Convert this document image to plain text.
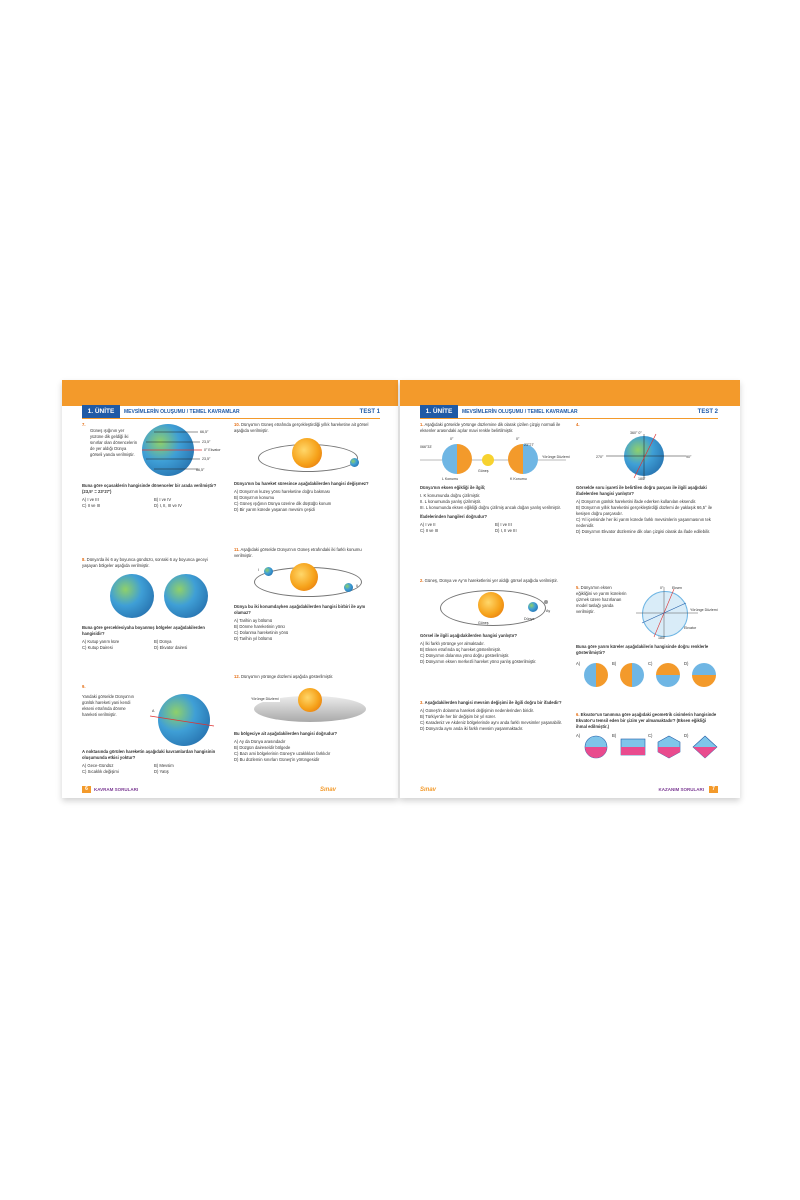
1. ÜNİTE	MEVSİMLERİN OLUŞUMU / TEMEL KAVRAMLAR	TEST 1
7.
Güneş ışığının yer yüzüne dik geldiği iki sınırlar olan dönencelerin de yer aldığı Dünya görseli yanda verilmiştir.
66,5°
23,5°
0° Ekvator
23,5°
66,5°
Buna göre oçasaklerin hangisinde dönenceler bir arada verilmiştir? (23,5° = 23°27')
A) I ve III	B) I ve IV
C) II ve III	D) I, II, III ve IV
8. Dünya'da iki 6 ay boyunca gündüzü, sonraki 6 ay boyunca geceyi yaşayan bölgeler aşağıda verilmiştir.
Buna göre gerceklesiyaha boyanmış bölgeler aşağıdakilerden hangisidir?
A) Kutup yarım küre	B) Dünya
C) Kutup Dairesi	D) Ekvator dairesi
9.
Yandaki görselde Dünya'nın günlük hareketi yani kendi ekseni etrafında dönme hareketi verilmiştir.
A
A noktasında görülen hareketin aşağıdaki kavramlardan hangisinin oluşumunda etkisi yoktur?
A) Gece-Gündüz	B) Mevsim
C) Sıcaklık değişimi	D) Yatış
10. Dünya'nın Güneş etrafında gerçekleştirdiği yıllık hareketine ait görsel aşağıda verilmiştir.
Dünya'nın bu hareket süresince aşağıdakilerden hangisi değişmez?
A) Dünya'nın kuzey yönü hareketine doğru bakması
B) Dünya'nın konumu
C) Güneş ışığının Dünya üzerine dik düştüğü konum
D) Bir yarım kürede yaşanan mevsim çeşidi
11. Aşağıdaki görselde Dünya'nın Güneş etrafındaki iki farklı konumu verilmiştir.
I
II
Dünya bu iki konumdayken aşağıdakilerden hangisi birbiri ile aynı olamaz?
A) Tarihin ay bölümü
B) Dönme hareketinin yönü
C) Dolanma hareketinin yönü
D) Tarihin yıl bölümü
12. Dünya'nın yörünge düzlemi aşağıda gösterilmiştir.
Yörünge Düzlemi
Bu bölgeciye ait aşağıdakilerden hangisi doğrudur?
A) Ay da Dünya arasındadır
B) Düzgün daireseldir bölgede
C) Bazı ami bölgelerinin Güneş'e uzaklıkları farklıdır
D) Bu düzlemin sınırları Güneş'in yörüngesidir
6	KAVRAM SORULARI	Sınav
1. ÜNİTE	MEVSİMLERİN OLUŞUMU / TEMEL KAVRAMLAR	TEST 2
1. Aşağıdaki görselde yörünge düzlemine dik olarak çizilen çizgiy normali ile eksenler arasındaki açılar mavi renkle belirtilmiştir.
0°	0°
066°33'	23°27'
Yörünge Düzlemi
Güneş
L Konumu	K Konumu
Dünya'nın eksen eğikliği ile ilgili;
I. K konumunda doğru çizilmiştir.
II. L konumunda yanlış çizilmiştir.
III. L konumunda eksen eğikliği doğru çizilmiş ancak doğan yanlış verilmiştir.
İfadelerinden hangileri doğrudur?
A) I ve II	B) I ve III
C) II ve III	D) I, II ve III
2. Güneş, Dünya ve Ay'ın hareketlerini yer aldığı görsel aşağıda verilmiştir.
Güneş
Dünya
Ay
Görsel ile ilgili aşağıdakilerden hangisi yanlıştır?
A) İki farklı yörünge yer almaktadır.
B) Eksen etrafında üç hareket gösterilmiştir.
C) Dünya'nın dolanma yönü doğru gösterilmiştir.
D) Dünya'nın eksen merkezli hareket yönü yanlış gösterilmiştir.
3. Aşağıdakilerden hangisi mevsim değişimi ile ilgili doğru bir ifadedir?
A) Güneş'in dolanma hareketi değişimin nedenlerinden biridir.
B) Türkiye'de her bir değişim bir yıl sürer.
C) Karadeniz ve Akdeniz bölgelerinde aynı anda farklı mevsimler yaşanabilir.
D) Dünya'da aynı anda iki farklı mevsim yaşanmaktadır.
4.
360° 0°
270°	90°
180°
Görselde soru işareti ile belirtilen doğru parçası ile ilgili aşağıdaki ifadelerden hangisi yanlıştır?
A) Dünya'nın günlük hareketini ifade ederken kullanılan eksendir.
B) Dünya'nın yıllık hareketini gerçekleştirdiği düzlemi de yaklaşık 66,5° ile kesişen doğru parçasıdır.
C) Yıl içerisinde her iki yarım kürede farklı mevsimlerin yaşanmasının tek nedenidir.
D) Dünya'nın Ekvator düzlemine dik olan çizgisi olarak da ifade edilebilir.
5. Dünya'nın eksen eğikliğini ve yarım kürelerin çizmek üzere hazırlanan model taslağı yanda verilmiştir.
0° Eksen
Yörünge Düzlemi
Ekvator
180°
Buna göre yarım küreler aşağıdakilerin hangisinde doğru renklerle gösterilmiştir?
A)	B)	C)	D)
6. Ekvator'un tanımına göre aşağıdaki geometrik cisimlerin hangisinde Ekvator'u temsil eden bir çizim yer almamaktadır? (Eksen eğikliği ihmal edilmiştir.)
A)	B)	C)	D)
Sınav	KAZANIM SORULARI	7
